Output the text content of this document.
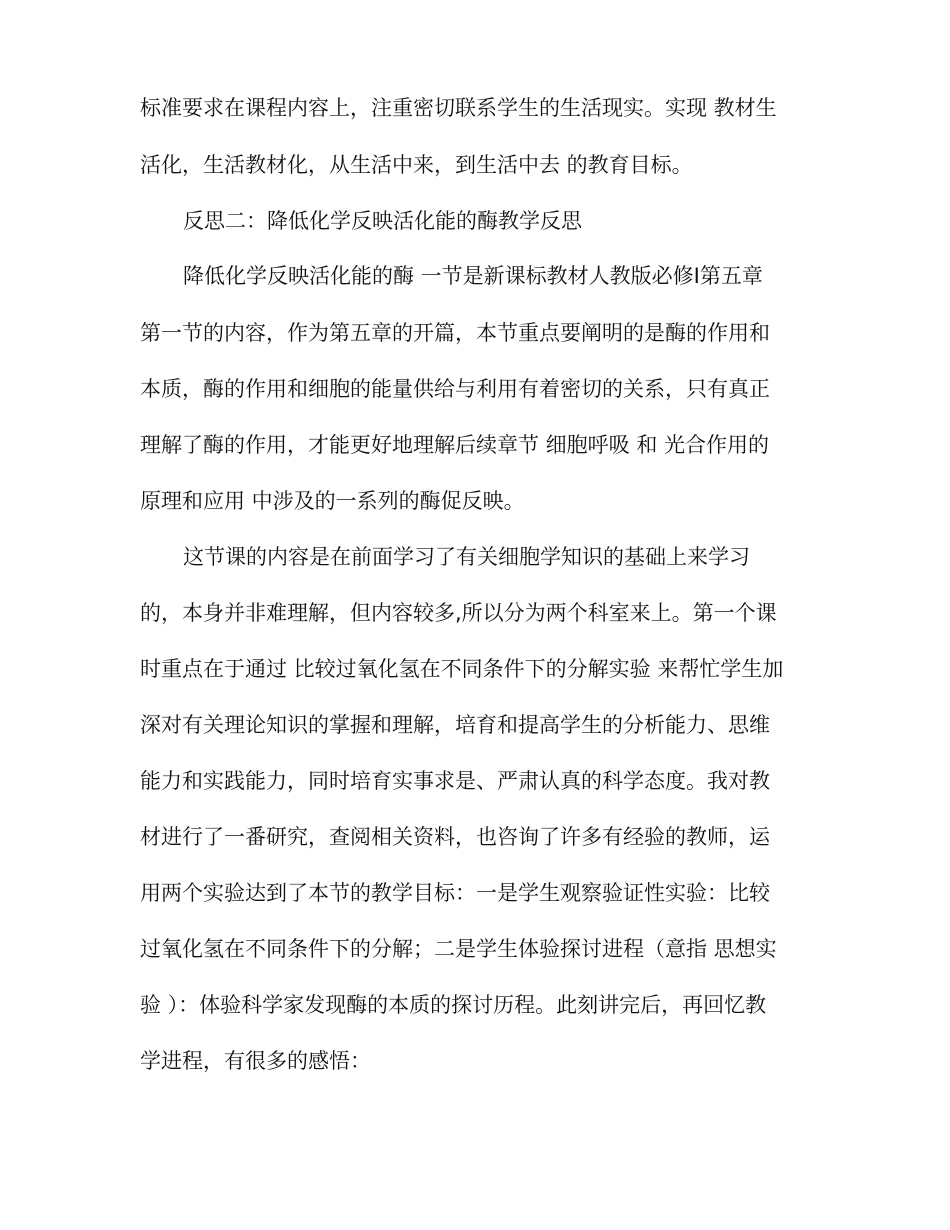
标准要求在课程内容上，注重密切联系学生的生活现实。实现 教材生
活化，生活教材化，从生活中来，到生活中去 的教育目标。
反思二：降低化学反映活化能的酶教学反思
降低化学反映活化能的酶 一节是新课标教材人教版必修Ⅰ第五章
第一节的内容，作为第五章的开篇，本节重点要阐明的是酶的作用和
本质，酶的作用和细胞的能量供给与利用有着密切的关系，只有真正
理解了酶的作用，才能更好地理解后续章节 细胞呼吸 和 光合作用的
原理和应用 中涉及的一系列的酶促反映。
这节课的内容是在前面学习了有关细胞学知识的基础上来学习
的，本身并非难理解，但内容较多,所以分为两个科室来上。第一个课
时重点在于通过 比较过氧化氢在不同条件下的分解实验 来帮忙学生加
深对有关理论知识的掌握和理解，培育和提高学生的分析能力、思维
能力和实践能力，同时培育实事求是、严肃认真的科学态度。我对教
材进行了一番研究，查阅相关资料，也咨询了许多有经验的教师，运
用两个实验达到了本节的教学目标：一是学生观察验证性实验：比较
过氧化氢在不同条件下的分解；二是学生体验探讨进程（意指 思想实
验 ）：体验科学家发现酶的本质的探讨历程。此刻讲完后，再回忆教
学进程，有很多的感悟：
